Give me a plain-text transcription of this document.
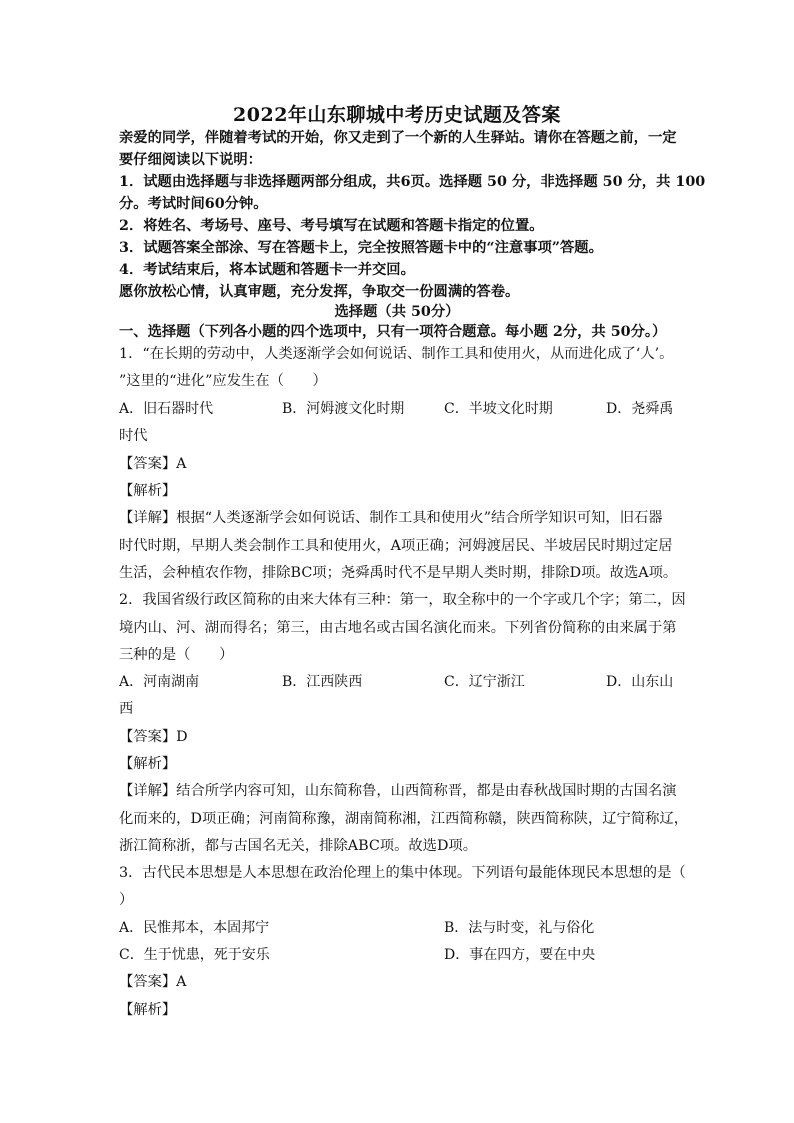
2022年山东聊城中考历史试题及答案
亲爱的同学，伴随着考试的开始，你又走到了一个新的人生驿站。请你在答题之前，一定
要仔细阅读以下说明：
1．试题由选择题与非选择题两部分组成，共6页。选择题 50 分，非选择题 50 分，共 100
分。考试时间60分钟。
2．将姓名、考场号、座号、考号填写在试题和答题卡指定的位置。
3．试题答案全部涂、写在答题卡上，完全按照答题卡中的“注意事项”答题。
4．考试结束后，将本试题和答题卡一并交回。
愿你放松心情，认真审题，充分发挥，争取交一份圆满的答卷。
选择题（共 50分）
一、选择题（下列各小题的四个选项中，只有一项符合题意。每小题 2分，共 50分。）
1．“在长期的劳动中，人类逐渐学会如何说话、制作工具和使用火，从而进化成了‘人’。
”这里的“进化”应发生在（　　）
A．旧石器时代	B．河姆渡文化时期	C．半坡文化时期	D．尧舜禹
时代
【答案】A
【解析】
【详解】根据“人类逐渐学会如何说话、制作工具和使用火”结合所学知识可知，旧石器
时代时期，早期人类会制作工具和使用火，A项正确；河姆渡居民、半坡居民时期过定居
生活，会种植农作物，排除BC项；尧舜禹时代不是早期人类时期，排除D项。故选A项。
2．我国省级行政区简称的由来大体有三种：第一，取全称中的一个字或几个字；第二，因
境内山、河、湖而得名；第三，由古地名或古国名演化而来。下列省份简称的由来属于第
三种的是（　　）
A．河南湖南	B．江西陕西	C．辽宁浙江	D．山东山
西
【答案】D
【解析】
【详解】结合所学内容可知，山东简称鲁，山西简称晋，都是由春秋战国时期的古国名演
化而来的，D项正确；河南简称豫，湖南简称湘，江西简称赣，陕西简称陕，辽宁简称辽，
浙江简称浙，都与古国名无关，排除ABC项。故选D项。
3．古代民本思想是人本思想在政治伦理上的集中体现。下列语句最能体现民本思想的是（
）
A．民惟邦本，本固邦宁	B．法与时变，礼与俗化
C．生于忧患，死于安乐	D．事在四方，要在中央
【答案】A
【解析】
